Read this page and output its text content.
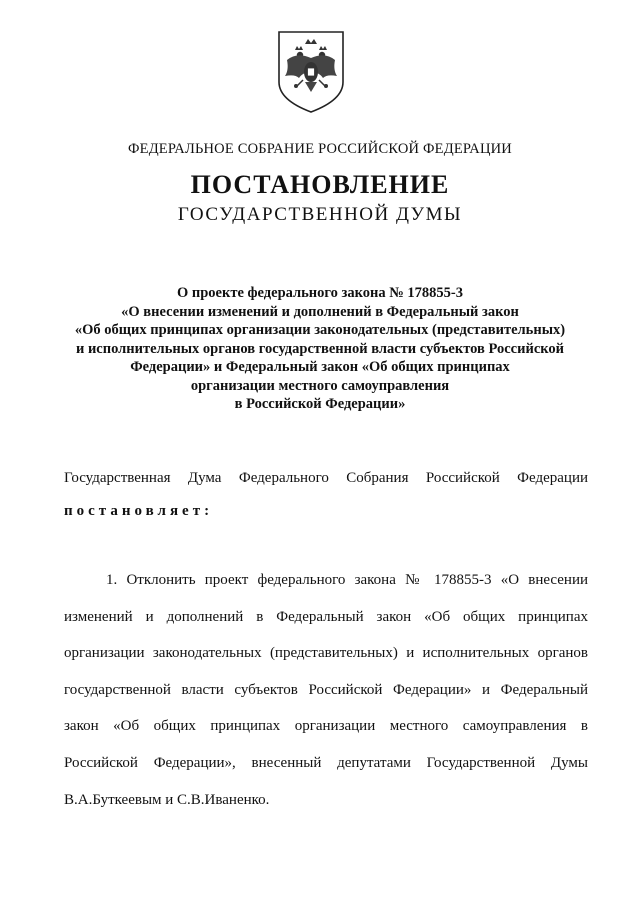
ФЕДЕРАЛЬНОЕ СОБРАНИЕ РОССИЙСКОЙ ФЕДЕРАЦИИ
ПОСТАНОВЛЕНИЕ
ГОСУДАРСТВЕННОЙ ДУМЫ
О проекте федерального закона № 178855-3
«О внесении изменений и дополнений в Федеральный закон
«Об общих принципах организации законодательных (представительных)
и исполнительных органов государственной власти субъектов Российской
Федерации» и Федеральный закон «Об общих принципах
организации местного самоуправления
в Российской Федерации»
Государственная Дума Федерального Собрания Российской Федерации
постановляет:
1. Отклонить проект федерального закона № 178855-3 «О внесении
изменений и дополнений в Федеральный закон «Об общих принципах
организации законодательных (представительных) и исполнительных органов
государственной власти субъектов Российской Федерации» и Федеральный
закон «Об общих принципах организации местного самоуправления в
Российской Федерации», внесенный депутатами Государственной Думы
В.А.Буткеевым и С.В.Иваненко.
